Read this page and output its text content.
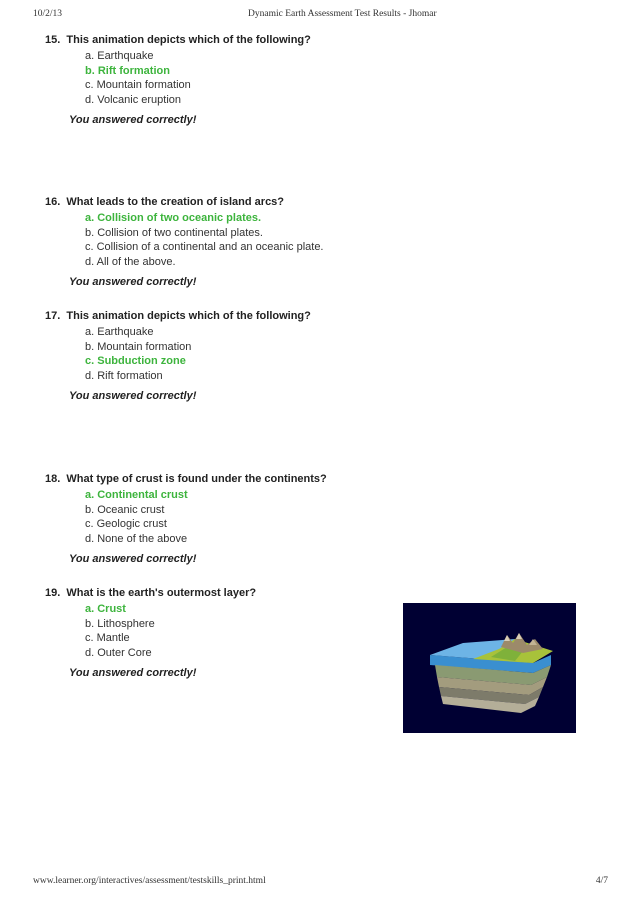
10/2/13	Dynamic Earth Assessment Test Results - Jhomar
15. This animation depicts which of the following?
a. Earthquake
b. Rift formation
c. Mountain formation
d. Volcanic eruption
You answered correctly!
16. What leads to the creation of island arcs?
a. Collision of two oceanic plates.
b. Collision of two continental plates.
c. Collision of a continental and an oceanic plate.
d. All of the above.
You answered correctly!
17. This animation depicts which of the following?
a. Earthquake
b. Mountain formation
c. Subduction zone
d. Rift formation
You answered correctly!
18. What type of crust is found under the continents?
a. Continental crust
b. Oceanic crust
c. Geologic crust
d. None of the above
You answered correctly!
19. What is the earth's outermost layer?
a. Crust
b. Lithosphere
c. Mantle
d. Outer Core
You answered correctly!
www.learner.org/interactives/assessment/testskills_print.html	4/7
